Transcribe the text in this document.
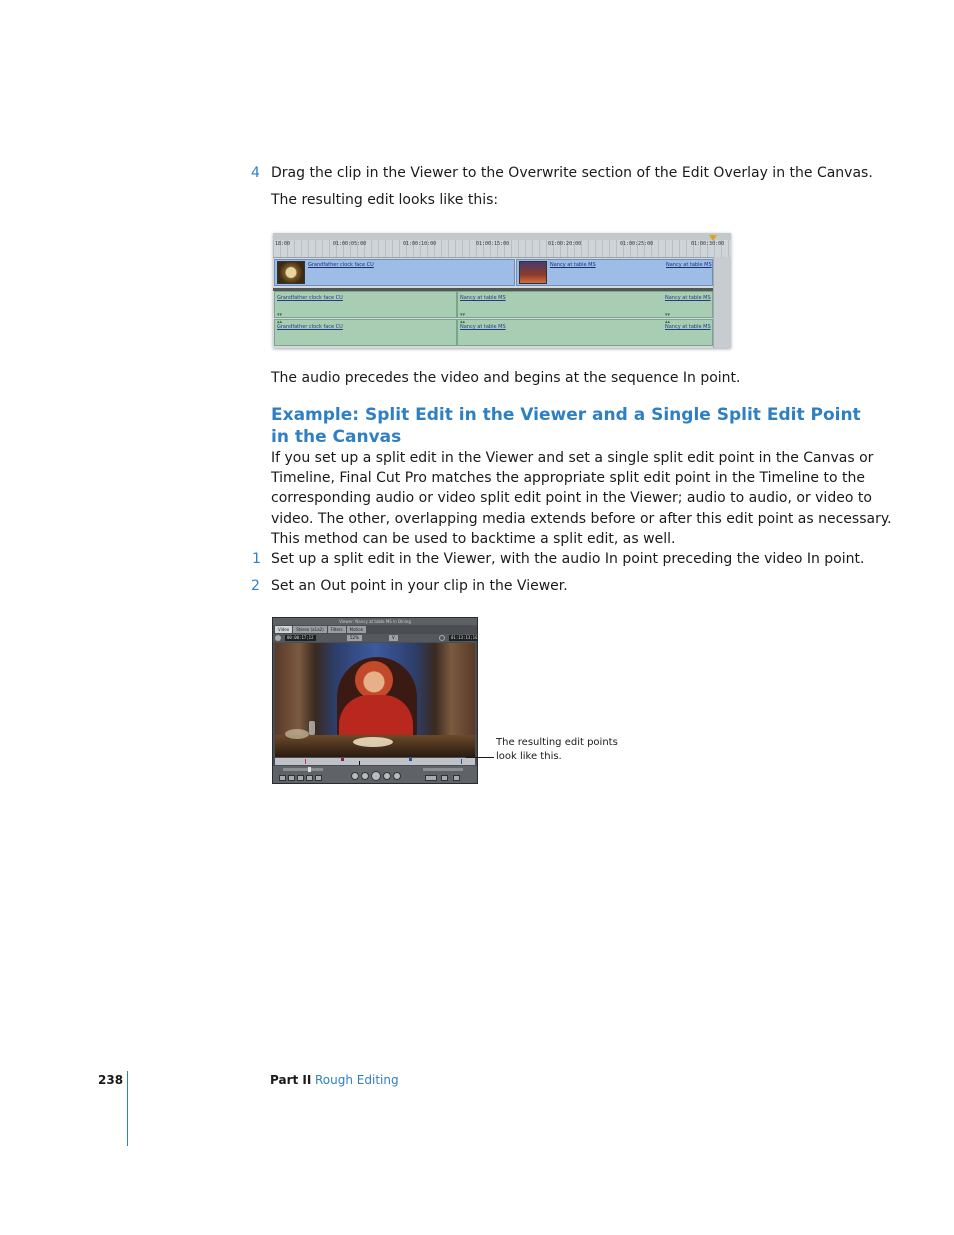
4 Drag the clip in the Viewer to the Overwrite section of the Edit Overlay in the Canvas.
The resulting edit looks like this:
18:00	01:00:05:00	01:00:10:00	01:00:15:00	01:00:20:00	01:00:25:00	01:00:30:00
Grandfather clock face CU	Nancy at table MS	Nancy at table MS
Grandfather clock face CU
▾▾
Nancy at table MS	Nancy at table MS
▾▾	▾▾
▴▴
Grandfather clock face CU
▴▴	▴▴
Nancy at table MS	Nancy at table MS
The audio precedes the video and begins at the sequence In point.
Example: Split Edit in the Viewer and a Single Split Edit Point
in the Canvas
If you set up a split edit in the Viewer and set a single split edit point in the Canvas or
Timeline, Final Cut Pro matches the appropriate split edit point in the Timeline to the
corresponding audio or video split edit point in the Viewer; audio to audio, or video to
video. The other, overlapping media extends before or after this edit point as necessary.
This method can be used to backtime a split edit, as well.
1 Set up a split edit in the Viewer, with the audio In point preceding the video In point.
2 Set an Out point in your clip in the Viewer.
Viewer: Nancy at table MS in Dining
Video Stereo (a1a2) Filters Motion
00:00:17;12	52%	V	01:13:13;10
The resulting edit points
look like this.
238	Part II Rough Editing
